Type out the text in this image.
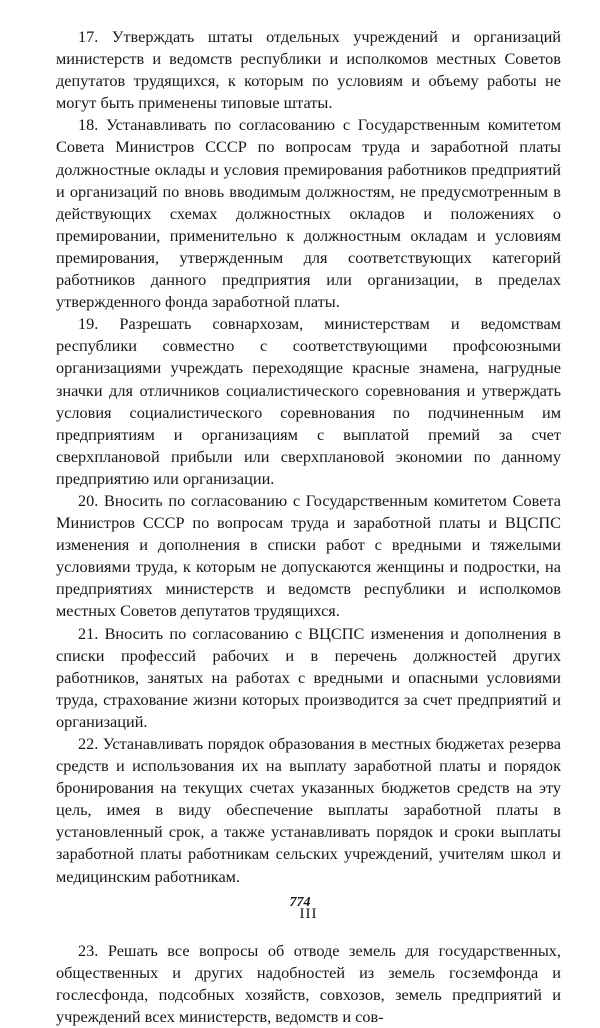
17. Утверждать штаты отдельных учреждений и организаций министерств и ведомств республики и исполкомов местных Советов депутатов трудящихся, к которым по условиям и объему работы не могут быть применены типовые штаты.

18. Устанавливать по согласованию с Государственным комитетом Совета Министров СССР по вопросам труда и заработной платы должностные оклады и условия премирования работников предприятий и организаций по вновь вводимым должностям, не предусмотренным в действующих схемах должностных окладов и положениях о премировании, применительно к должностным окладам и условиям премирования, утвержденным для соответствующих категорий работников данного предприятия или организации, в пределах утвержденного фонда заработной платы.

19. Разрешать совнархозам, министерствам и ведомствам республики совместно с соответствующими профсоюзными организациями учреждать переходящие красные знамена, нагрудные значки для отличников социалистического соревнования и утверждать условия социалистического соревнования по подчиненным им предприятиям и организациям с выплатой премий за счет сверхплановой прибыли или сверхплановой экономии по данному предприятию или организации.

20. Вносить по согласованию с Государственным комитетом Совета Министров СССР по вопросам труда и заработной платы и ВЦСПС изменения и дополнения в списки работ с вредными и тяжелыми условиями труда, к которым не допускаются женщины и подростки, на предприятиях министерств и ведомств республики и исполкомов местных Советов депутатов трудящихся.

21. Вносить по согласованию с ВЦСПС изменения и дополнения в списки профессий рабочих и в перечень должностей других работников, занятых на работах с вредными и опасными условиями труда, страхование жизни которых производится за счет предприятий и организаций.

22. Устанавливать порядок образования в местных бюджетах резерва средств и использования их на выплату заработной платы и порядок бронирования на текущих счетах указанных бюджетов средств на эту цель, имея в виду обеспечение выплаты заработной платы в установленный срок, а также устанавливать порядок и сроки выплаты заработной платы работникам сельских учреждений, учителям школ и медицинским работникам.

III

23. Решать все вопросы об отводе земель для государственных, общественных и других надобностей из земель госземфонда и гослесфонда, подсобных хозяйств, совхозов, земель предприятий и учреждений всех министерств, ведомств и сов-

774
